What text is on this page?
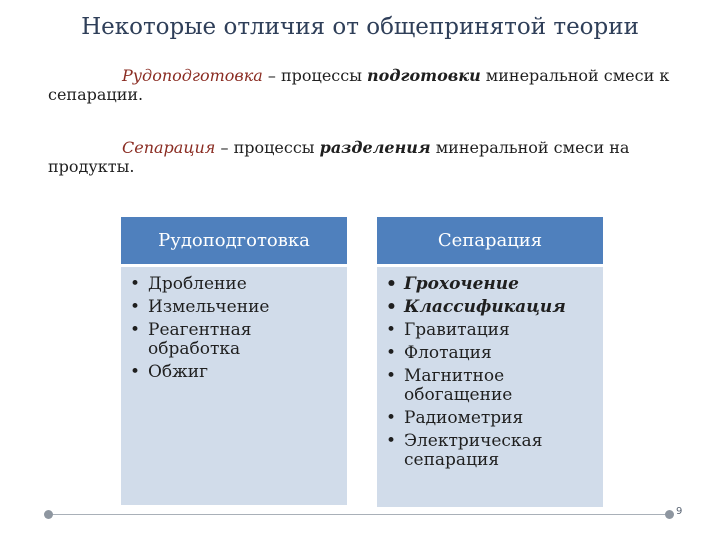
Некоторые отличия от общепринятой теории
Рудоподготовка – процессы подготовки минеральной смеси к сепарации.
Сепарация – процессы разделения минеральной смеси на продукты.
Рудоподготовка
• Дробление
• Измельчение
• Реагентная обработка
• Обжиг
Сепарация
• Грохочение
• Классификация
• Гравитация
• Флотация
• Магнитное обогащение
• Радиометрия
• Электрическая сепарация
9
